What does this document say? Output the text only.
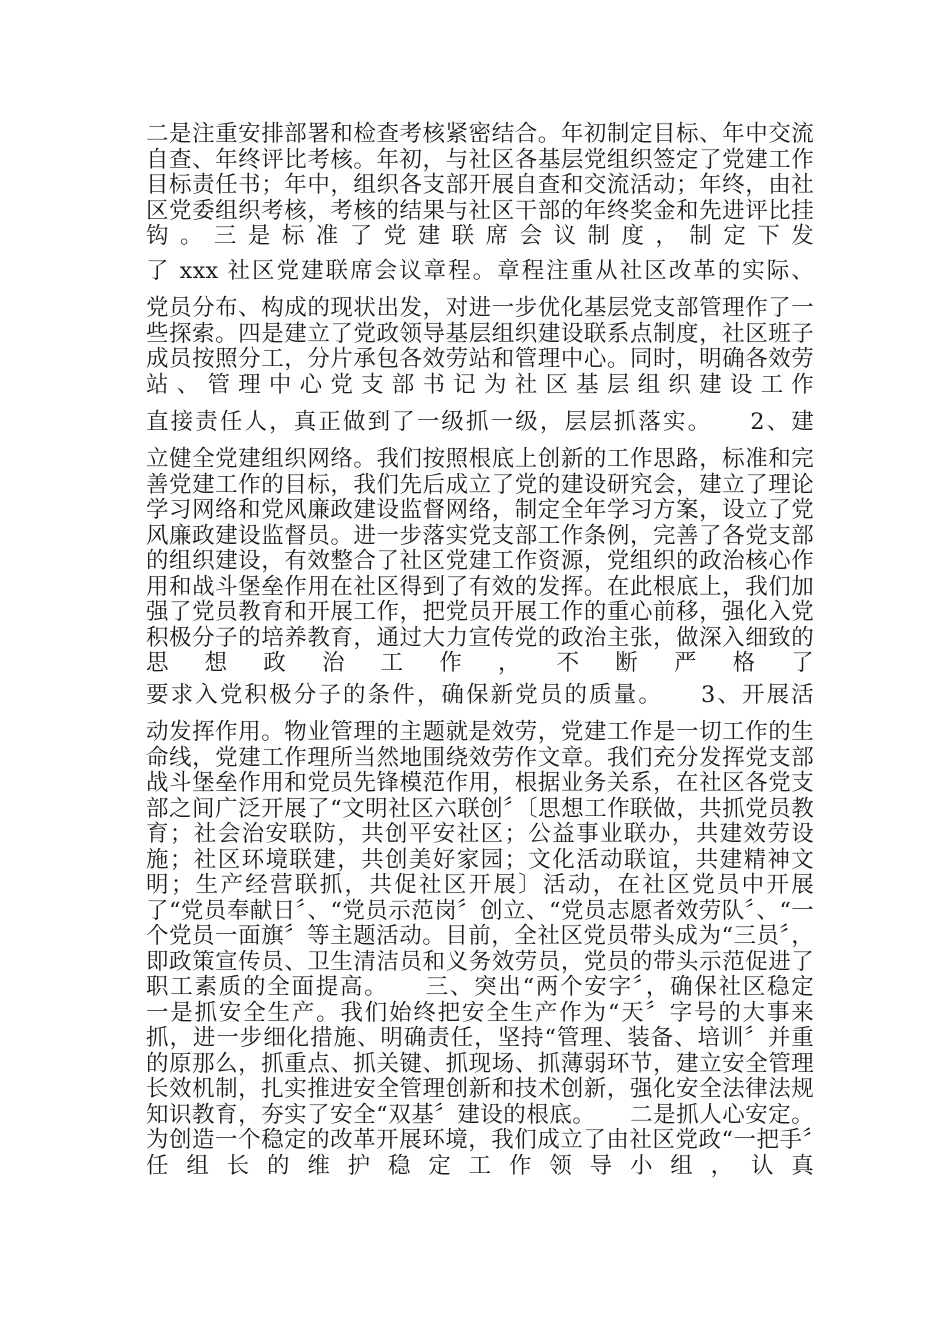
二是注重安排部署和检查考核紧密结合。年初制定目标、年中交流自查、年终评比考核。年初，与社区各基层党组织签定了党建工作目标责任书；年中，组织各支部开展自查和交流活动；年终，由社区党委组织考核，考核的结果与社区干部的年终奖金和先进评比挂钩。三是标准了党建联席会议制度，制定下发

了 xxx 社区党建联席会议章程。章程注重从社区改革的实际、

党员分布、构成的现状出发，对进一步优化基层党支部管理作了一些探索。四是建立了党政领导基层组织建设联系点制度，社区班子成员按照分工，分片承包各效劳站和管理中心。同时，明确各效劳站、管理中心党支部书记为社区基层组织建设工作

直接责任人，真正做到了一级抓一级，层层抓落实。　　2、建

立健全党建组织网络。我们按照根底上创新的工作思路，标准和完善党建工作的目标，我们先后成立了党的建设研究会，建立了理论学习网络和党风廉政建设监督网络，制定全年学习方案，设立了党风廉政建设监督员。进一步落实党支部工作条例，完善了各党支部的组织建设，有效整合了社区党建工作资源，党组织的政治核心作用和战斗堡垒作用在社区得到了有效的发挥。在此根底上，我们加强了党员教育和开展工作，把党员开展工作的重心前移，强化入党积极分子的培养教育，通过大力宣传党的政治主张，做深入细致的思想政治工作，不断严格了

要求入党积极分子的条件，确保新党员的质量。　　3、开展活

动发挥作用。物业管理的主题就是效劳，党建工作是一切工作的生命线，党建工作理所当然地围绕效劳作文章。我们充分发挥党支部战斗堡垒作用和党员先锋模范作用，根据业务关系，在社区各党支部之间广泛开展了“文明社区六联创〞〔思想工作联做，共抓党员教育；社会治安联防，共创平安社区；公益事业联办，共建效劳设施；社区环境联建，共创美好家园；文化活动联谊，共建精神文明；生产经营联抓，共促社区开展〕活动，在社区党员中开展了“党员奉献日〞、“党员示范岗〞创立、“党员志愿者效劳队〞、“一个党员一面旗〞等主题活动。目前，全社区党员带头成为“三员〞，即政策宣传员、卫生清洁员和义务效劳员，党员的带头示范促进了职工素质的全面提高。　　三、突出“两个安字〞，确保社区稳定　　一是抓安全生产。我们始终把安全生产作为“天〞字号的大事来抓，进一步细化措施、明确责任，坚持“管理、装备、培训〞并重的原那么，抓重点、抓关键、抓现场、抓薄弱环节，建立安全管理长效机制，扎实推进安全管理创新和技术创新，强化安全法律法规知识教育，夯实了安全“双基〞建设的根底。　　二是抓人心安定。为创造一个稳定的改革开展环境，我们成立了由社区党政“一把手〞任组长的维护稳定工作领导小组，认真
